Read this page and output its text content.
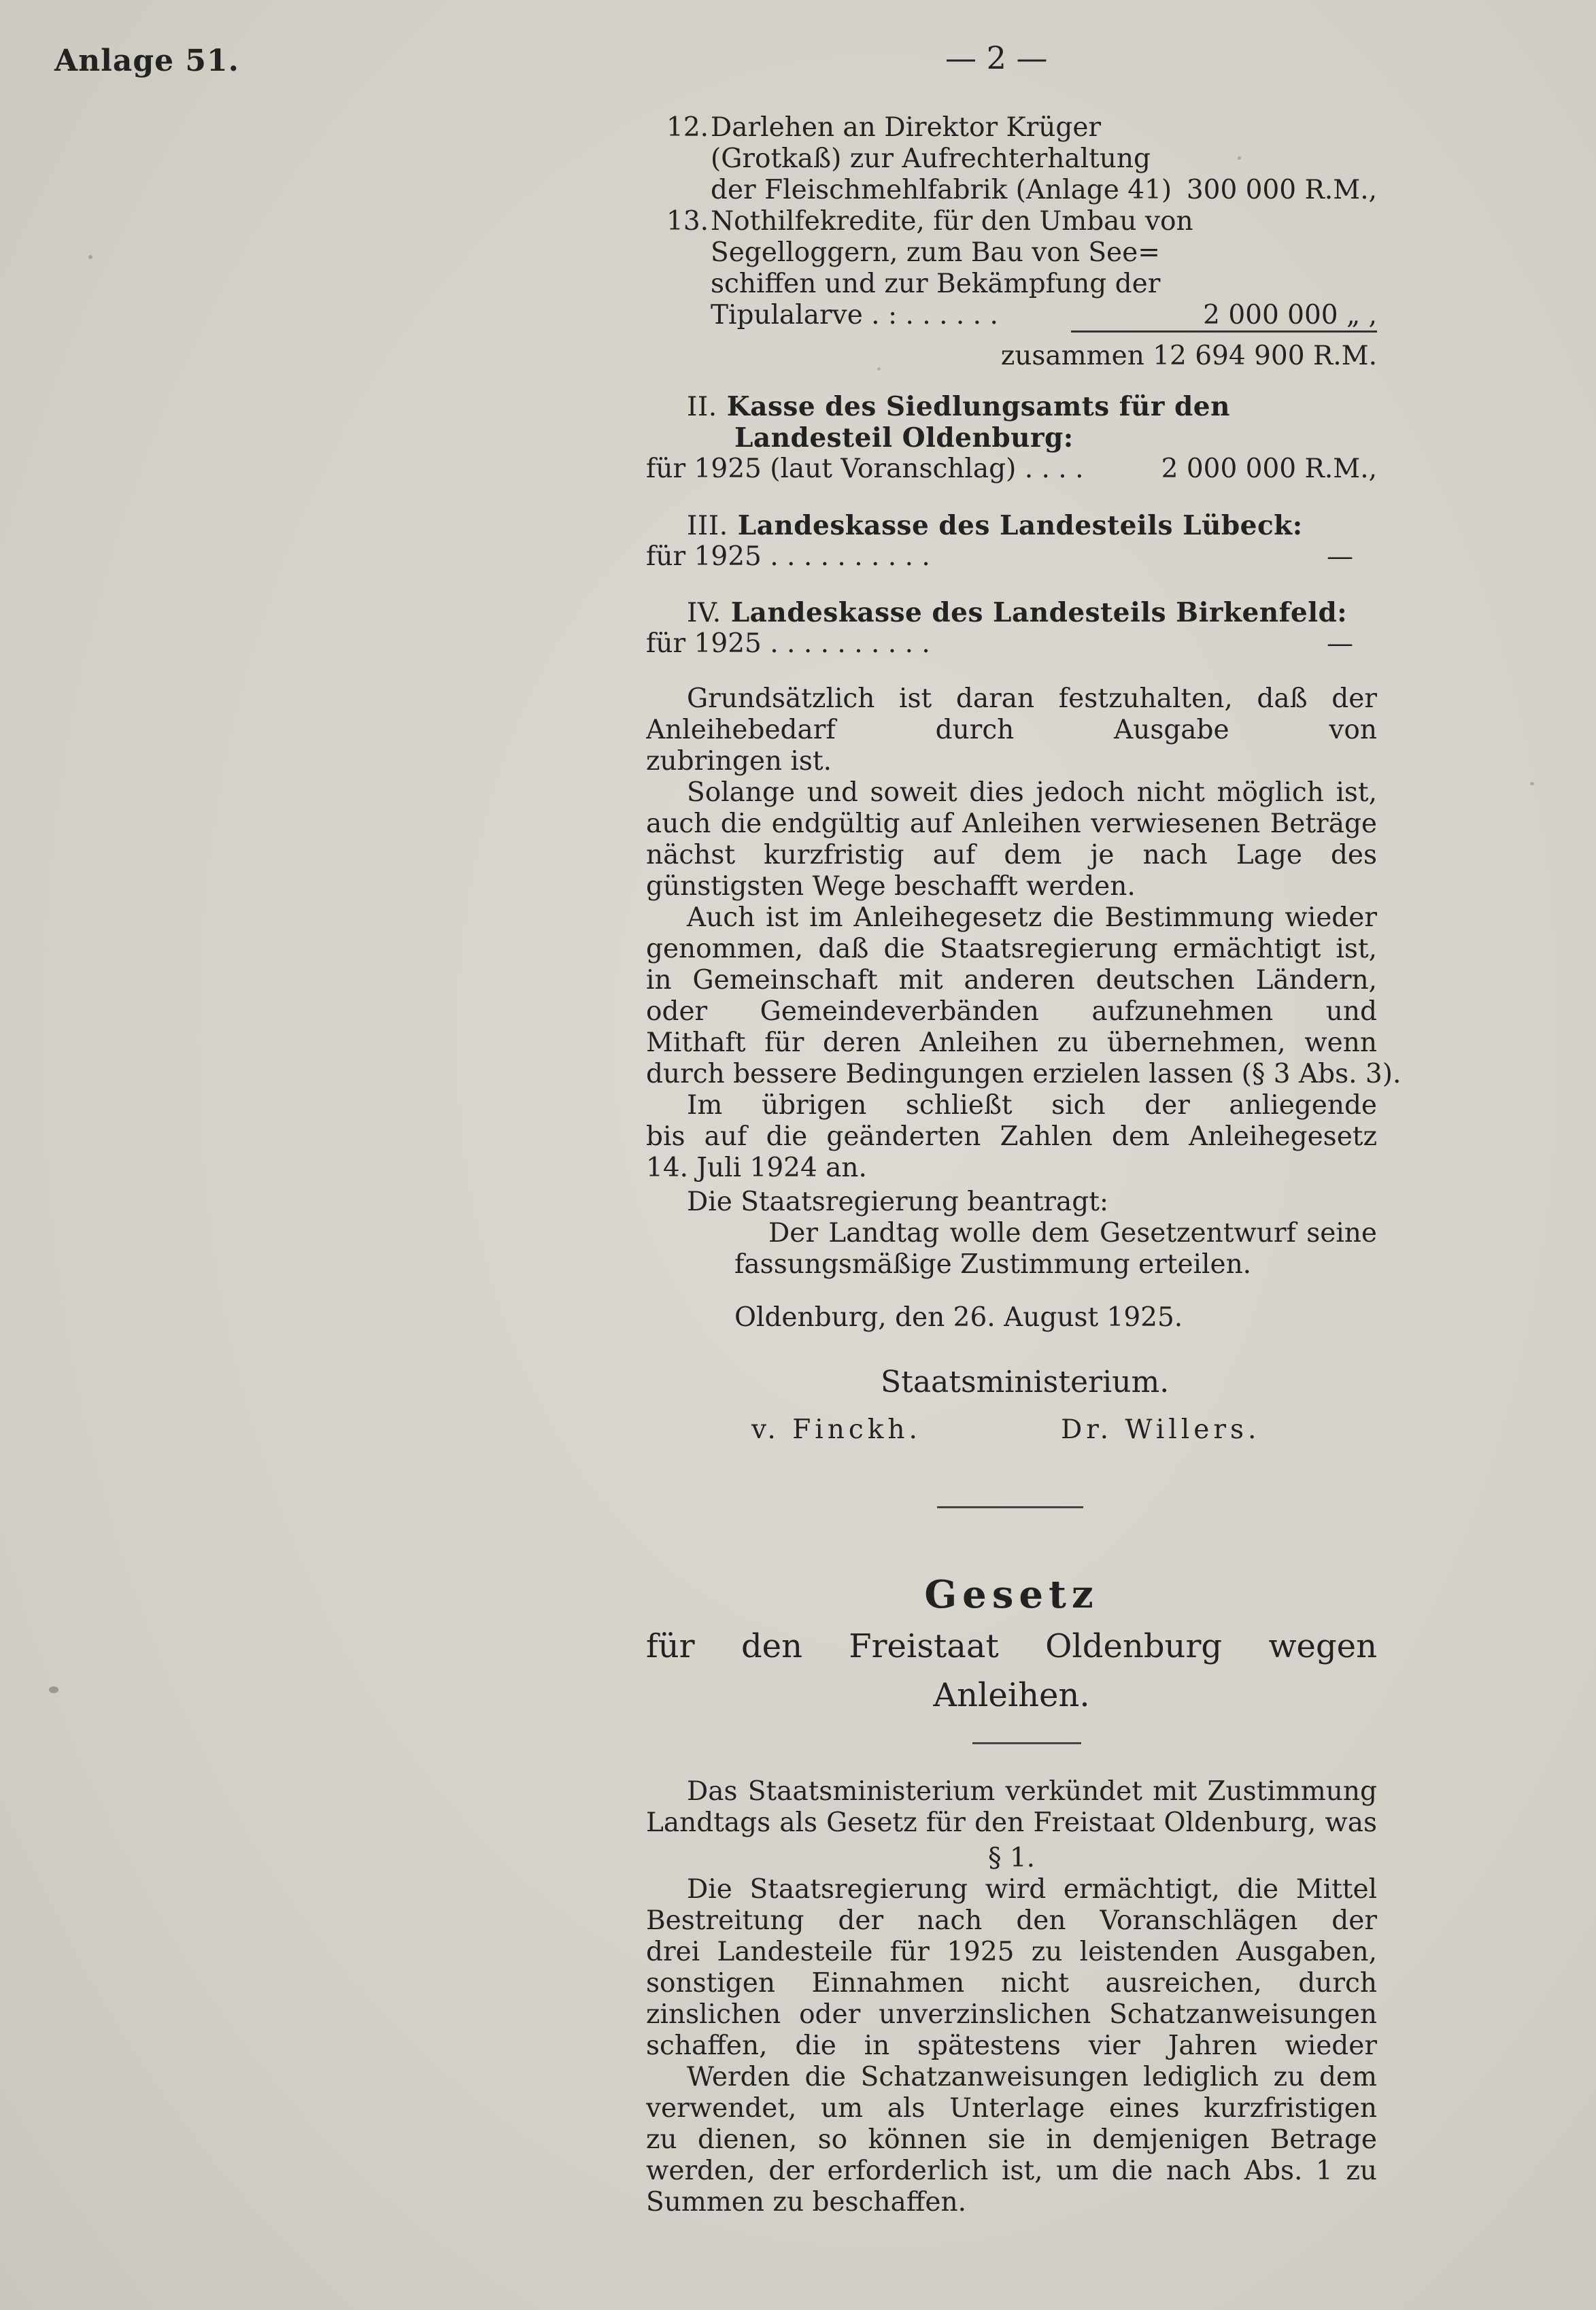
Anlage 51.	— 2 —
12. Darlehen an Direktor Krüger
(Grotkaß) zur Aufrechterhaltung
der Fleischmehlfabrik (Anlage 41) 300 000 R.M.,
13. Nothilfekredite, für den Umbau von
Segelloggern, zum Bau von See=
schiffen und zur Bekämpfung der
Tipulalarve . : . . . . . .	2 000 000 „ ,
zusammen 12 694 900 R.M.
II. Kasse des Siedlungsamts für den
Landesteil Oldenburg:
für 1925 (laut Voranschlag) . . . .	2 000 000 R.M.,
III. Landeskasse des Landesteils Lübeck:
für 1925 . . . . . . . . . .	—
IV. Landeskasse des Landesteils Birkenfeld:
für 1925 . . . . . . . . . .	—
Grundsätzlich ist daran festzuhalten, daß der
Anleihebedarf durch Ausgabe von
zubringen ist.
Solange und soweit dies jedoch nicht möglich ist,
auch die endgültig auf Anleihen verwiesenen Beträge
nächst kurzfristig auf dem je nach Lage des
günstigsten Wege beschafft werden.
Auch ist im Anleihegesetz die Bestimmung wieder
genommen, daß die Staatsregierung ermächtigt ist,
in Gemeinschaft mit anderen deutschen Ländern,
oder Gemeindeverbänden aufzunehmen und
Mithaft für deren Anleihen zu übernehmen, wenn
durch bessere Bedingungen erzielen lassen (§ 3 Abs. 3).
Im übrigen schließt sich der anliegende
bis auf die geänderten Zahlen dem Anleihegesetz
14. Juli 1924 an.
Die Staatsregierung beantragt:
Der Landtag wolle dem Gesetzentwurf seine
fassungsmäßige Zustimmung erteilen.
Oldenburg, den 26. August 1925.
Staatsministerium.
v. Finckh.	Dr. Willers.
Gesetz
für den Freistaat Oldenburg wegen
Anleihen.
Das Staatsministerium verkündet mit Zustimmung
Landtags als Gesetz für den Freistaat Oldenburg, was
§ 1.
Die Staatsregierung wird ermächtigt, die Mittel
Bestreitung der nach den Voranschlägen der
drei Landesteile für 1925 zu leistenden Ausgaben,
sonstigen Einnahmen nicht ausreichen, durch
zinslichen oder unverzinslichen Schatzanweisungen
schaffen, die in spätestens vier Jahren wieder
Werden die Schatzanweisungen lediglich zu dem
verwendet, um als Unterlage eines kurzfristigen
zu dienen, so können sie in demjenigen Betrage
werden, der erforderlich ist, um die nach Abs. 1 zu
Summen zu beschaffen.
